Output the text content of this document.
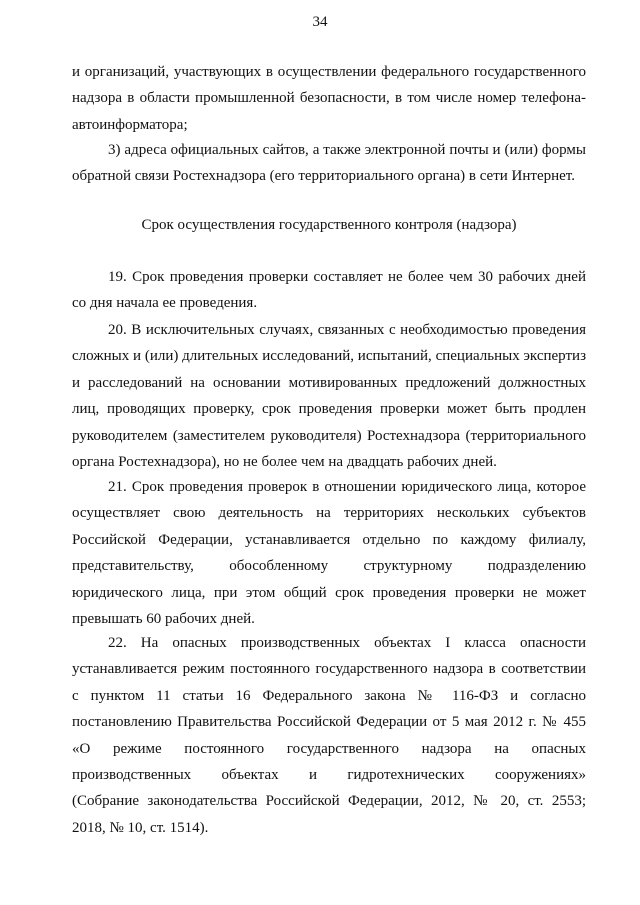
34

и организаций, участвующих в осуществлении федерального государственного
надзора в области промышленной безопасности, в том числе номер телефона-
автоинформатора;

3) адреса официальных сайтов, а также электронной почты и (или) формы
обратной связи Ростехнадзора (его территориального органа) в сети Интернет.

Срок осуществления государственного контроля (надзора)

19. Срок проведения проверки составляет не более чем 30 рабочих дней
со дня начала ее проведения.

20. В исключительных случаях, связанных с необходимостью проведения
сложных и (или) длительных исследований, испытаний, специальных экспертиз
и расследований на основании мотивированных предложений должностных
лиц, проводящих проверку, срок проведения проверки может быть продлен
руководителем (заместителем руководителя) Ростехнадзора (территориального
органа Ростехнадзора), но не более чем на двадцать рабочих дней.

21. Срок проведения проверок в отношении юридического лица, которое
осуществляет свою деятельность на территориях нескольких субъектов
Российской Федерации, устанавливается отдельно по каждому филиалу,
представительству, обособленному структурному подразделению
юридического лица, при этом общий срок проведения проверки не может
превышать 60 рабочих дней.

22. На опасных производственных объектах I класса опасности
устанавливается режим постоянного государственного надзора в соответствии
с пунктом 11 статьи 16 Федерального закона № 116-ФЗ и согласно
постановлению Правительства Российской Федерации от 5 мая 2012 г. № 455
«О режиме постоянного государственного надзора на опасных
производственных объектах и гидротехнических сооружениях»
(Собрание законодательства Российской Федерации, 2012, № 20, ст. 2553;
2018, № 10, ст. 1514).
